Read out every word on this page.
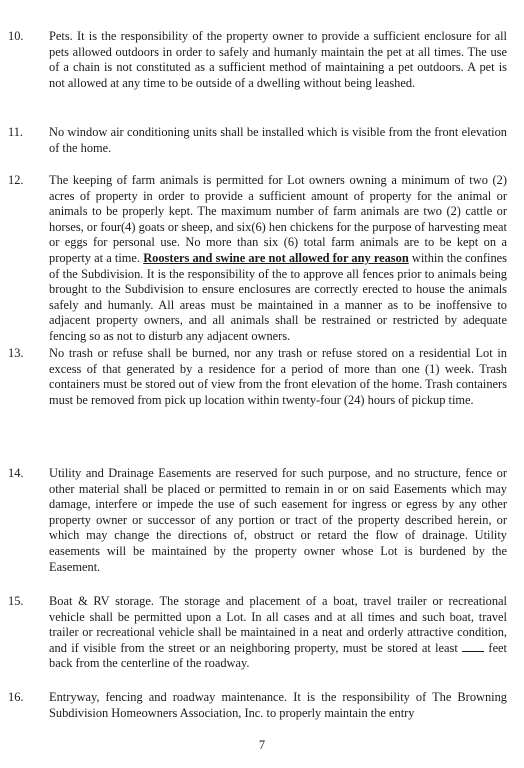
10. Pets. It is the responsibility of the property owner to provide a sufficient enclosure for all pets allowed outdoors in order to safely and humanly maintain the pet at all times. The use of a chain is not constituted as a sufficient method of maintaining a pet outdoors. A pet is not allowed at any time to be outside of a dwelling without being leashed.
11. No window air conditioning units shall be installed which is visible from the front elevation of the home.
12. The keeping of farm animals is permitted for Lot owners owning a minimum of two (2) acres of property in order to provide a sufficient amount of property for the animal or animals to be properly kept. The maximum number of farm animals are two (2) cattle or horses, or four(4) goats or sheep, and six(6) hen chickens for the purpose of harvesting meat or eggs for personal use. No more than six (6) total farm animals are to be kept on a property at a time. Roosters and swine are not allowed for any reason within the confines of the Subdivision. It is the responsibility of the to approve all fences prior to animals being brought to the Subdivision to ensure enclosures are correctly erected to house the animals safely and humanly. All areas must be maintained in a manner as to be inoffensive to adjacent property owners, and all animals shall be restrained or restricted by adequate fencing so as not to disturb any adjacent owners.
13. No trash or refuse shall be burned, nor any trash or refuse stored on a residential Lot in excess of that generated by a residence for a period of more than one (1) week. Trash containers must be stored out of view from the front elevation of the home. Trash containers must be removed from pick up location within twenty-four (24) hours of pickup time.
14. Utility and Drainage Easements are reserved for such purpose, and no structure, fence or other material shall be placed or permitted to remain in or on said Easements which may damage, interfere or impede the use of such easement for ingress or egress by any other property owner or successor of any portion or tract of the property described herein, or which may change the directions of, obstruct or retard the flow of drainage. Utility easements will be maintained by the property owner whose Lot is burdened by the Easement.
15. Boat & RV storage. The storage and placement of a boat, travel trailer or recreational vehicle shall be permitted upon a Lot. In all cases and at all times and such boat, travel trailer or recreational vehicle shall be maintained in a neat and orderly attractive condition, and if visible from the street or an neighboring property, must be stored at least  feet back from the centerline of the roadway.
16. Entryway, fencing and roadway maintenance. It is the responsibility of The Browning Subdivision Homeowners Association, Inc. to properly maintain the entry
7
